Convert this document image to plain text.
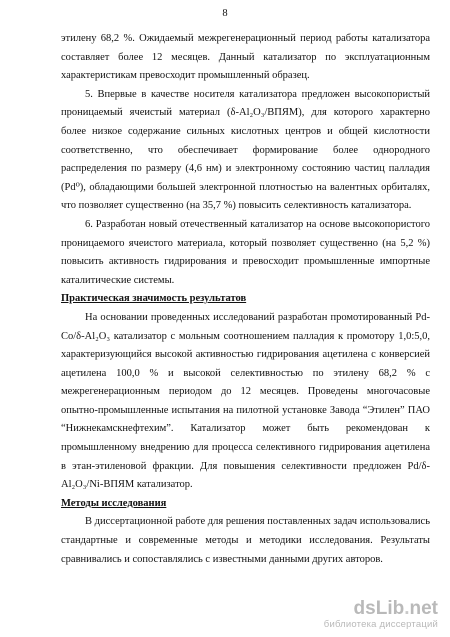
8

этилену 68,2 %. Ожидаемый межрегенерационный период работы катализатора составляет более 12 месяцев. Данный катализатор по эксплуатационным характеристикам превосходит промышленный образец.

5. Впервые в качестве носителя катализатора предложен высокопористый проницаемый ячеистый материал (δ-Al₂O₃/ВПЯМ), для которого характерно более низкое содержание сильных кислотных центров и общей кислотности соответственно, что обеспечивает формирование более однородного распределения по размеру (4,6 нм) и электронному состоянию частиц палладия (Pd⁰), обладающими большей электронной плотностью на валентных орбиталях, что позволяет существенно (на 35,7 %) повысить селективность катализатора.

6. Разработан новый отечественный катализатор на основе высокопористого проницаемого ячеистого материала, который позволяет существенно (на 5,2 %) повысить активность гидрирования и превосходит промышленные импортные каталитические системы.

Практическая значимость результатов

На основании проведенных исследований разработан промотированный Pd-Co/δ-Al₂O₃ катализатор с мольным соотношением палладия к промотору 1,0:5,0, характеризующийся высокой активностью гидрирования ацетилена с конверсией ацетилена 100,0 % и высокой селективностью по этилену 68,2 % с межрегенерационным периодом до 12 месяцев. Проведены многочасовые опытно-промышленные испытания на пилотной установке Завода “Этилен” ПАО “Нижнекамскнефтехим”. Катализатор может быть рекомендован к промышленному внедрению для процесса селективного гидрирования ацетилена в этан-этиленовой фракции. Для повышения селективности предложен Pd/δ-Al₂O₃/Ni-ВПЯМ катализатор.

Методы исследования

В диссертационной работе для решения поставленных задач использовались стандартные и современные методы и методики исследования. Результаты сравнивались и сопоставлялись с известными данными других авторов.

dsLib.net
библиотека диссертаций
